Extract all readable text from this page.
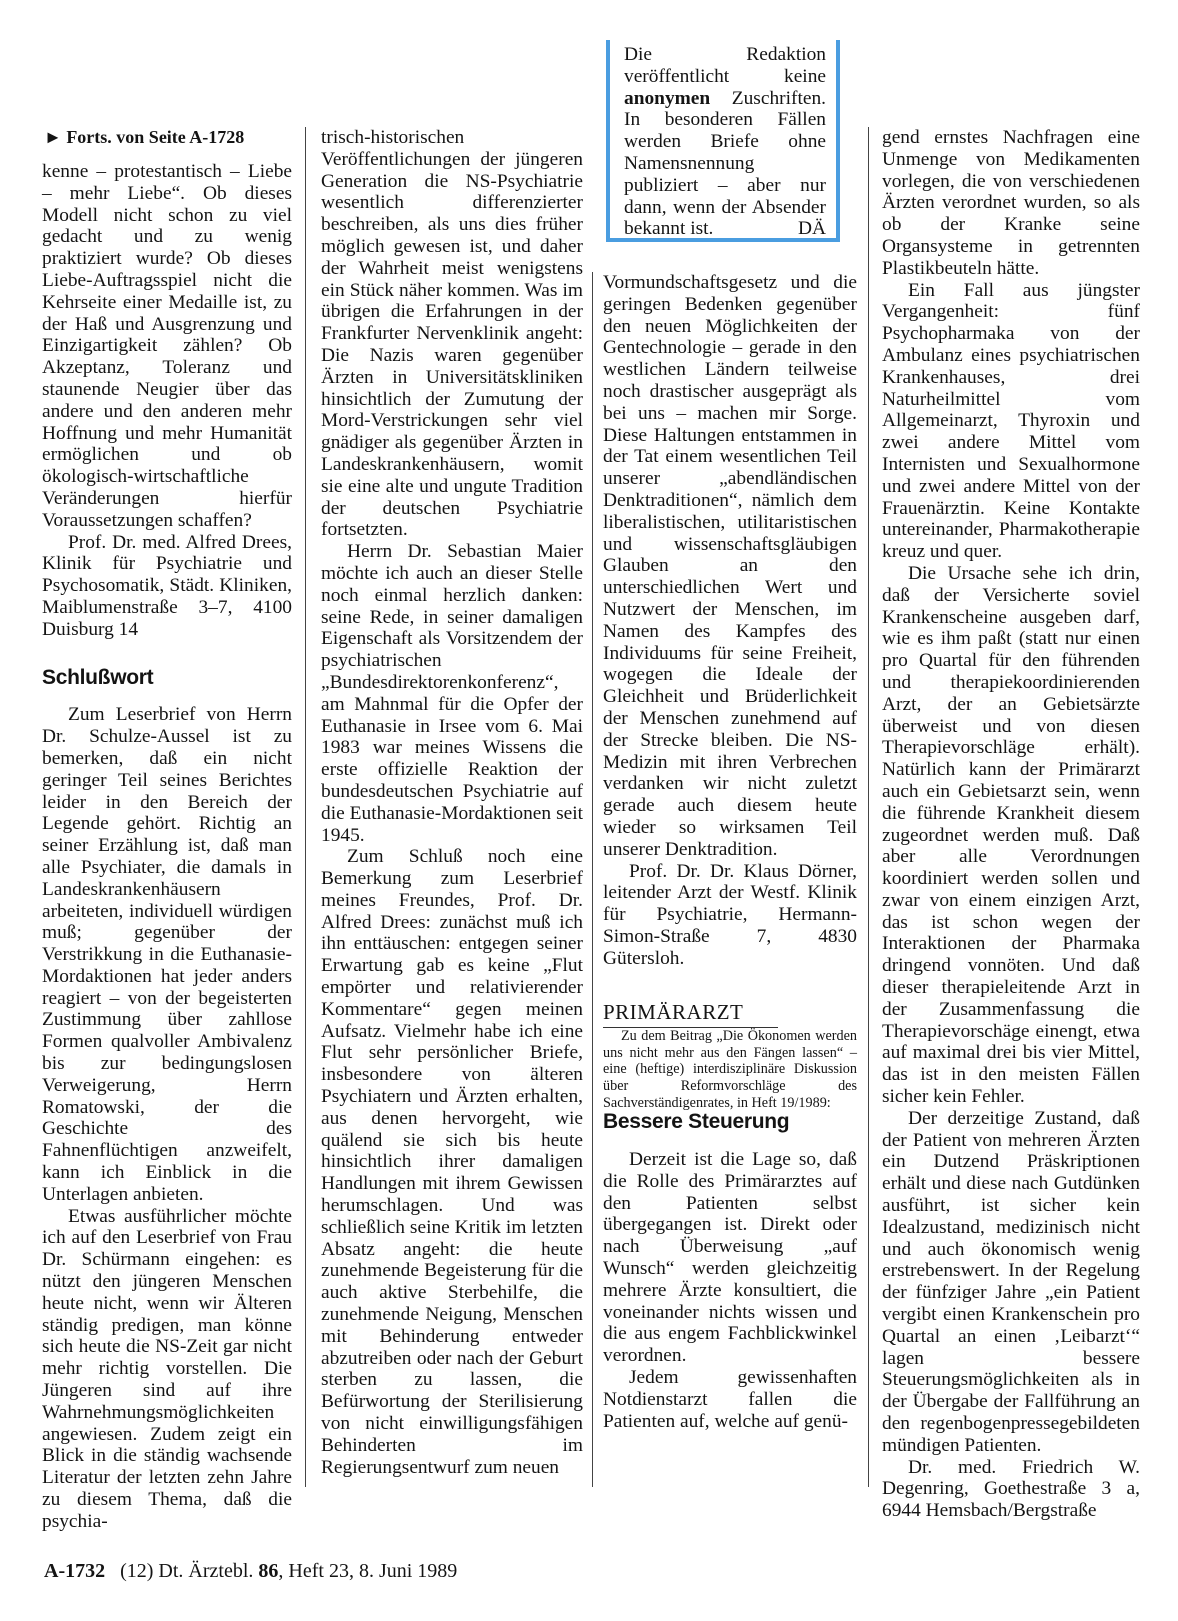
► Forts. von Seite A-1728

kenne – protestantisch – Liebe – mehr Liebe“. Ob dieses Modell nicht schon zu viel gedacht und zu wenig praktiziert wurde? Ob dieses Liebe-Auftragsspiel nicht die Kehrseite einer Medaille ist, zu der Haß und Ausgrenzung und Einzigartigkeit zählen? Ob Akzeptanz, Toleranz und staunende Neugier über das andere und den anderen mehr Hoffnung und mehr Humanität ermöglichen und ob ökologisch-wirtschaftliche Veränderungen hierfür Voraussetzungen schaffen?

Prof. Dr. med. Alfred Drees, Klinik für Psychiatrie und Psychosomatik, Städt. Kliniken, Maiblumenstraße 3–7, 4100 Duisburg 14

Schlußwort

Zum Leserbrief von Herrn Dr. Schulze-Aussel ist zu bemerken, daß ein nicht geringer Teil seines Berichtes leider in den Bereich der Legende gehört. Richtig an seiner Erzählung ist, daß man alle Psychiater, die damals in Landeskrankenhäusern arbeiteten, individuell würdigen muß; gegenüber der Verstrikkung in die Euthanasie-Mordaktionen hat jeder anders reagiert – von der begeisterten Zustimmung über zahllose Formen qualvoller Ambivalenz bis zur bedingungslosen Verweigerung, Herrn Romatowski, der die Geschichte des Fahnenflüchtigen anzweifelt, kann ich Einblick in die Unterlagen anbieten.

Etwas ausführlicher möchte ich auf den Leserbrief von Frau Dr. Schürmann eingehen: es nützt den jüngeren Menschen heute nicht, wenn wir Älteren ständig predigen, man könne sich heute die NS-Zeit gar nicht mehr richtig vorstellen. Die Jüngeren sind auf ihre Wahrnehmungsmöglichkeiten angewiesen. Zudem zeigt ein Blick in die ständig wachsende Literatur der letzten zehn Jahre zu diesem Thema, daß die psychia-

trisch-historischen Veröffentlichungen der jüngeren Generation die NS-Psychiatrie wesentlich differenzierter beschreiben, als uns dies früher möglich gewesen ist, und daher der Wahrheit meist wenigstens ein Stück näher kommen. Was im übrigen die Erfahrungen in der Frankfurter Nervenklinik angeht: Die Nazis waren gegenüber Ärzten in Universitätskliniken hinsichtlich der Zumutung der Mord-Verstrickungen sehr viel gnädiger als gegenüber Ärzten in Landeskrankenhäusern, womit sie eine alte und ungute Tradition der deutschen Psychiatrie fortsetzten.

Herrn Dr. Sebastian Maier möchte ich auch an dieser Stelle noch einmal herzlich danken: seine Rede, in seiner damaligen Eigenschaft als Vorsitzendem der psychiatrischen „Bundesdirektorenkonferenz“, am Mahnmal für die Opfer der Euthanasie in Irsee vom 6. Mai 1983 war meines Wissens die erste offizielle Reaktion der bundesdeutschen Psychiatrie auf die Euthanasie-Mordaktionen seit 1945.

Zum Schluß noch eine Bemerkung zum Leserbrief meines Freundes, Prof. Dr. Alfred Drees: zunächst muß ich ihn enttäuschen: entgegen seiner Erwartung gab es keine „Flut empörter und relativierender Kommentare“ gegen meinen Aufsatz. Vielmehr habe ich eine Flut sehr persönlicher Briefe, insbesondere von älteren Psychiatern und Ärzten erhalten, aus denen hervorgeht, wie quälend sie sich bis heute hinsichtlich ihrer damaligen Handlungen mit ihrem Gewissen herumschlagen. Und was schließlich seine Kritik im letzten Absatz angeht: die heute zunehmende Begeisterung für die auch aktive Sterbehilfe, die zunehmende Neigung, Menschen mit Behinderung entweder abzutreiben oder nach der Geburt sterben zu lassen, die Befürwortung der Sterilisierung von nicht einwilligungsfähigen Behinderten im Regierungsentwurf zum neuen

Die Redaktion veröffentlicht keine anonymen Zuschriften. In besonderen Fällen werden Briefe ohne Namensnennung publiziert – aber nur dann, wenn der Absender bekannt ist.	DÄ

Vormundschaftsgesetz und die geringen Bedenken gegenüber den neuen Möglichkeiten der Gentechnologie – gerade in den westlichen Ländern teilweise noch drastischer ausgeprägt als bei uns – machen mir Sorge. Diese Haltungen entstammen in der Tat einem wesentlichen Teil unserer „abendländischen Denktraditionen“, nämlich dem liberalistischen, utilitaristischen und wissenschaftsgläubigen Glauben an den unterschiedlichen Wert und Nutzwert der Menschen, im Namen des Kampfes des Individuums für seine Freiheit, wogegen die Ideale der Gleichheit und Brüderlichkeit der Menschen zunehmend auf der Strecke bleiben. Die NS-Medizin mit ihren Verbrechen verdanken wir nicht zuletzt gerade auch diesem heute wieder so wirksamen Teil unserer Denktradition.

Prof. Dr. Dr. Klaus Dörner, leitender Arzt der Westf. Klinik für Psychiatrie, Hermann-Simon-Straße 7, 4830 Gütersloh.

PRIMÄRARZT

Zu dem Beitrag „Die Ökonomen werden uns nicht mehr aus den Fängen lassen“ – eine (heftige) interdisziplinäre Diskussion über Reformvorschläge des Sachverständigenrates, in Heft 19/1989:

Bessere Steuerung

Derzeit ist die Lage so, daß die Rolle des Primärarztes auf den Patienten selbst übergegangen ist. Direkt oder nach Überweisung „auf Wunsch“ werden gleichzeitig mehrere Ärzte konsultiert, die voneinander nichts wissen und die aus engem Fachblickwinkel verordnen.

Jedem gewissenhaften Notdienstarzt fallen die Patienten auf, welche auf genü-

gend ernstes Nachfragen eine Unmenge von Medikamenten vorlegen, die von verschiedenen Ärzten verordnet wurden, so als ob der Kranke seine Organsysteme in getrennten Plastikbeuteln hätte.

Ein Fall aus jüngster Vergangenheit: fünf Psychopharmaka von der Ambulanz eines psychiatrischen Krankenhauses, drei Naturheilmittel vom Allgemeinarzt, Thyroxin und zwei andere Mittel vom Internisten und Sexualhormone und zwei andere Mittel von der Frauenärztin. Keine Kontakte untereinander, Pharmakotherapie kreuz und quer.

Die Ursache sehe ich drin, daß der Versicherte soviel Krankenscheine ausgeben darf, wie es ihm paßt (statt nur einen pro Quartal für den führenden und therapiekoordinierenden Arzt, der an Gebietsärzte überweist und von diesen Therapievorschläge erhält). Natürlich kann der Primärarzt auch ein Gebietsarzt sein, wenn die führende Krankheit diesem zugeordnet werden muß. Daß aber alle Verordnungen koordiniert werden sollen und zwar von einem einzigen Arzt, das ist schon wegen der Interaktionen der Pharmaka dringend vonnöten. Und daß dieser therapieleitende Arzt in der Zusammenfassung die Therapievorschäge einengt, etwa auf maximal drei bis vier Mittel, das ist in den meisten Fällen sicher kein Fehler.

Der derzeitige Zustand, daß der Patient von mehreren Ärzten ein Dutzend Präskriptionen erhält und diese nach Gutdünken ausführt, ist sicher kein Idealzustand, medizinisch nicht und auch ökonomisch wenig erstrebenswert. In der Regelung der fünfziger Jahre „ein Patient vergibt einen Krankenschein pro Quartal an einen ‚Leibarzt‘“ lagen bessere Steuerungsmöglichkeiten als in der Übergabe der Fallführung an den regenbogenpressegebildeten mündigen Patienten.

Dr. med. Friedrich W. Degenring, Goethestraße 3 a, 6944 Hemsbach/Bergstraße

A-1732 (12) Dt. Ärztebl. 86, Heft 23, 8. Juni 1989
